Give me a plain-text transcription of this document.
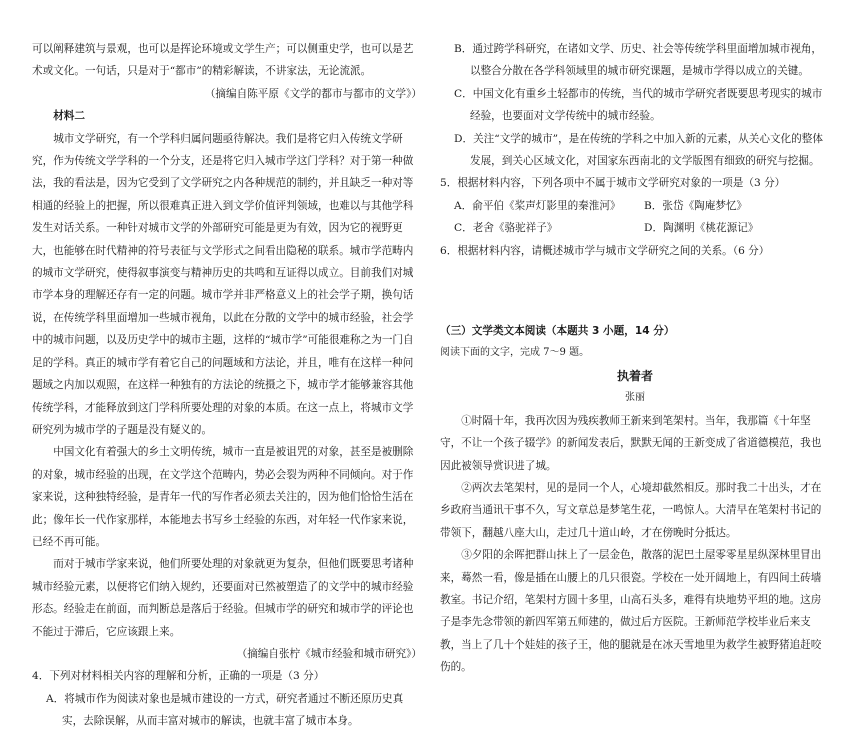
可以阐释建筑与景观，也可以是挥论环境或文学生产；可以侧重史学，也可以是艺术或文化。一句话，只是对于“都市”的精彩解读，不讲家法，无论流派。

（摘编自陈平原《文学的都市与都市的文学》）

材料二

城市文学研究，有一个学科归属问题亟待解决。我们是将它归入传统文学研究，作为传统文学学科的一个分支，还是将它归入城市学这门学科？对于第一种做法，我的看法是，因为它受到了文学研究之内各种规范的制约，并且缺乏一种对等相通的经验上的把握，所以很难真正进入到文学价值评判领域，也难以与其他学科发生对话关系。一种针对城市文学的外部研究可能是更为有效，因为它的视野更大，也能够在时代精神的符号表征与文学形式之间看出隐秘的联系。城市学范畴内的城市文学研究，使得叙事演变与精神历史的共鸣和互证得以成立。目前我们对城市学本身的理解还存有一定的问题。城市学并非严格意义上的社会学子期，换句话说，在传统学科里面增加一些城市视角，以此在分散的文学中的城市经验，社会学中的城市问题，以及历史学中的城市主题，这样的“城市学”可能很难称之为一门自足的学科。真正的城市学有着它自己的问题域和方法论，并且，唯有在这样一种问题域之内加以观照，在这样一种独有的方法论的统摄之下，城市学才能够兼容其他传统学科，才能释放到这门学科所要处理的对象的本质。在这一点上，将城市文学研究列为城市学的子题是没有疑义的。

中国文化有着强大的乡土文明传统，城市一直是被诅咒的对象，甚至是被删除的对象，城市经验的出现，在文学这个范畴内，势必会裂为两种不同倾向。对于作家来说，这种独特经验，是青年一代的写作者必须去关注的，因为他们恰恰生活在此；像年长一代作家那样，本能地去书写乡土经验的东西，对年轻一代作家来说，已经不再可能。

而对于城市学家来说，他们所要处理的对象就更为复杂，但他们既要思考诸种城市经验元素，以便将它们纳入规约，还要面对已然被塑造了的文学中的城市经验形态。经验走在前面，而判断总是落后于经验。但城市学的研究和城市学的评论也不能过于滞后，它应该跟上来。

（摘编自张柠《城市经验和城市研究》）

4．下列对材料相关内容的理解和分析，正确的一项是（3 分）

A．将城市作为阅读对象也是城市建设的一方式，研究者通过不断还原历史真实，去除误解，从而丰富对城市的解读，也就丰富了城市本身。

B．通过跨学科研究，在诸如文学、历史、社会等传统学科里面增加城市视角，以整合分散在各学科领域里的城市研究课题，是城市学得以成立的关键。

C．中国文化有重乡土轻都市的传统，当代的城市学研究者既要思考现实的城市经验，也要面对文学传统中的城市经验。

D．关注“文学的城市”，是在传统的学科之中加入新的元素，从关心文化的整体发展，到关心区域文化，对国家东西南北的文学版图有细致的研究与挖掘。

5．根据材料内容，下列各项中不属于城市文学研究对象的一项是（3 分）

A．俞平伯《桨声灯影里的秦淮河》	B．张岱《陶庵梦忆》
C．老舍《骆驼祥子》	D．陶渊明《桃花源记》

6．根据材料内容，请概述城市学与城市文学研究之间的关系。（6 分）

（三）文学类文本阅读（本题共 3 小题，14 分）

阅读下面的文字，完成 7～9 题。

执着者

张丽

①时隔十年，我再次因为残疾教师王新来到笔架村。当年，我那篇《十年坚守，不让一个孩子辍学》的新闻发表后，默默无闻的王新变成了省道德模范，我也因此被领导赏识进了城。

②两次去笔架村，见的是同一个人，心境却截然相反。那时我二十出头，才在乡政府当通讯干事不久，写文章总是梦笔生花，一鸣惊人。大清早在笔架村书记的带领下，翻越八座大山，走过几十道山岭，才在傍晚时分抵达。

③夕阳的余晖把群山抹上了一层金色，散落的泥巴土屋零零星星纵深林里冒出来，蓦然一看，像是插在山腰上的几只很瓷。学校在一处开阔地上，有四间土砖墙教室。书记介绍，笔架村方圆十多里，山高石头多，难得有块地势平坦的地。这房子是李先念带领的新四军第五师建的，做过后方医院。王新师范学校毕业后来支教，当上了几十个娃娃的孩子王，他的腿就是在冰天雪地里为救学生被野猪追赶咬伤的。
